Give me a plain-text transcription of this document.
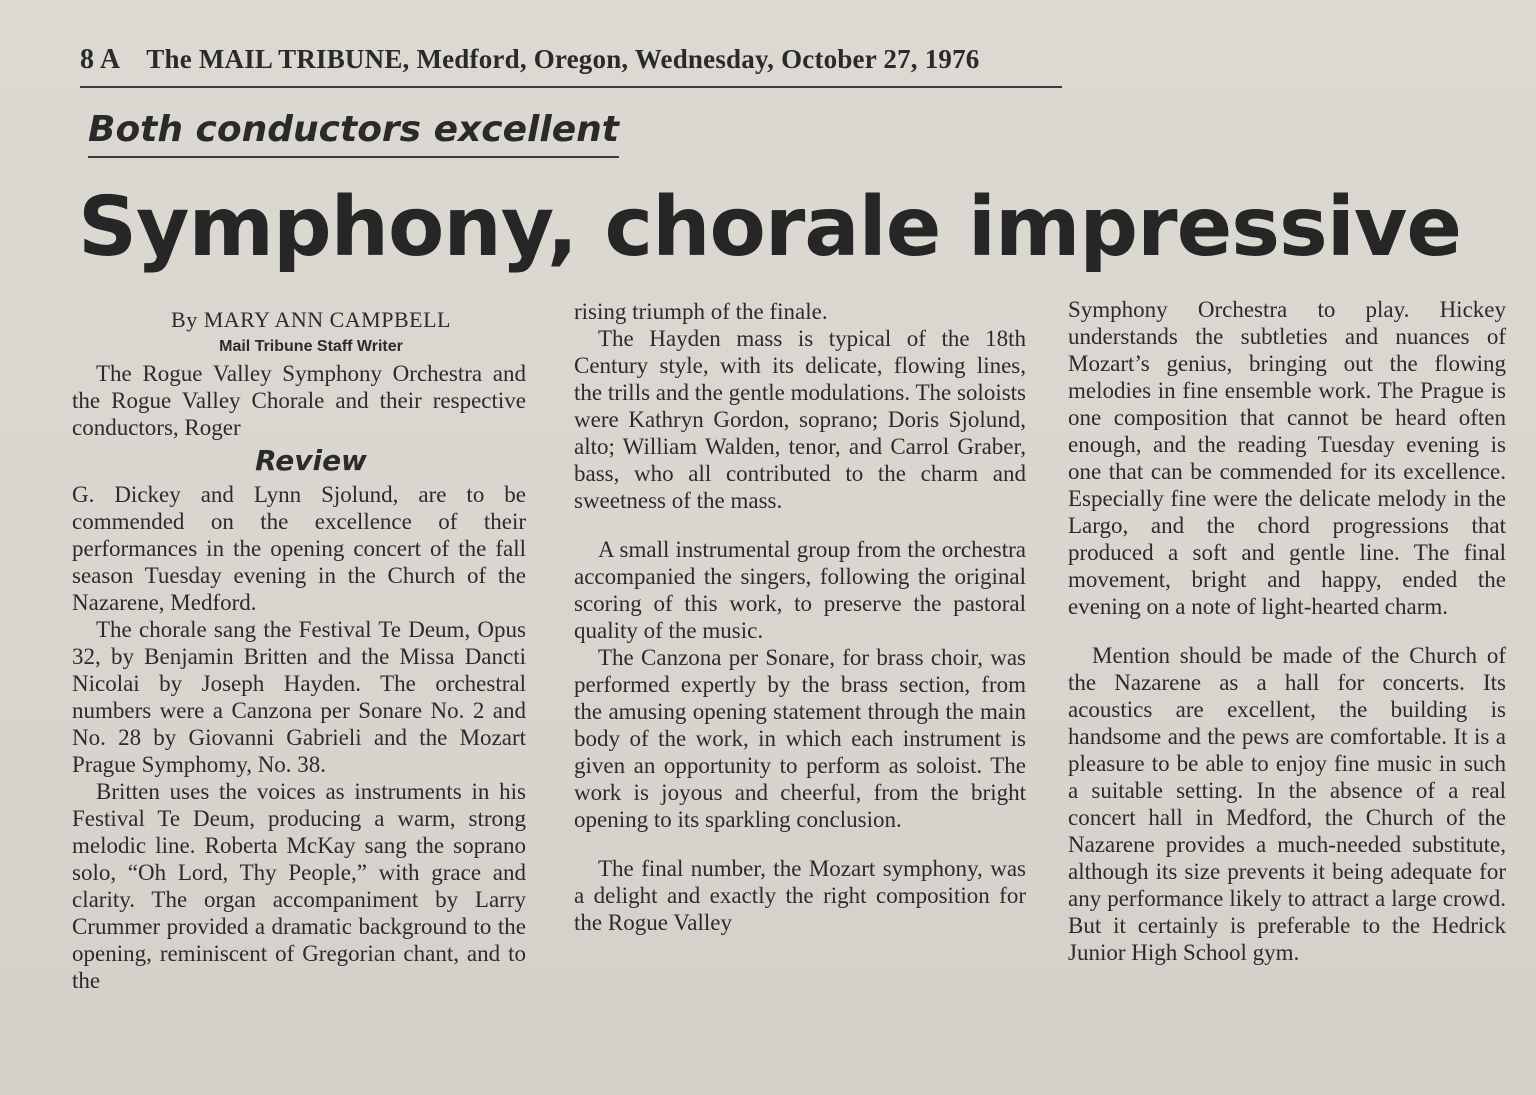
8 A The MAIL TRIBUNE, Medford, Oregon, Wednesday, October 27, 1976
Both conductors excellent
Symphony, chorale impressive

By MARY ANN CAMPBELL

Mail Tribune Staff Writer

The Rogue Valley Symphony Orchestra and the Rogue Valley Chorale and their respective conductors, Roger

Review

G. Dickey and Lynn Sjolund, are to be commended on the excellence of their performances in the opening concert of the fall season Tuesday evening in the Church of the Nazarene, Medford.

The chorale sang the Festival Te Deum, Opus 32, by Benjamin Britten and the Missa Dancti Nicolai by Joseph Hayden. The orchestral numbers were a Canzona per Sonare No. 2 and No. 28 by Giovanni Gabrieli and the Mozart Prague Symphomy, No. 38.

Britten uses the voices as instruments in his Festival Te Deum, producing a warm, strong melodic line. Roberta McKay sang the soprano solo, “Oh Lord, Thy People,” with grace and clarity. The organ accompaniment by Larry Crummer provided a dramatic background to the opening, reminiscent of Gregorian chant, and to the

rising triumph of the finale.

The Hayden mass is typical of the 18th Century style, with its delicate, flowing lines, the trills and the gentle modulations. The soloists were Kathryn Gordon, soprano; Doris Sjolund, alto; William Walden, tenor, and Carrol Graber, bass, who all contributed to the charm and sweetness of the mass.

A small instrumental group from the orchestra accompanied the singers, following the original scoring of this work, to preserve the pastoral quality of the music.

The Canzona per Sonare, for brass choir, was performed expertly by the brass section, from the amusing opening statement through the main body of the work, in which each instrument is given an opportunity to perform as soloist. The work is joyous and cheerful, from the bright opening to its sparkling conclusion.

The final number, the Mozart symphony, was a delight and exactly the right composition for the Rogue Valley

Symphony Orchestra to play. Hickey understands the subtleties and nuances of Mozart’s genius, bringing out the flowing melodies in fine ensemble work. The Prague is one composition that cannot be heard often enough, and the reading Tuesday evening is one that can be commended for its excellence. Especially fine were the delicate melody in the Largo, and the chord progressions that produced a soft and gentle line. The final movement, bright and happy, ended the evening on a note of light-hearted charm.

Mention should be made of the Church of the Nazarene as a hall for concerts. Its acoustics are excellent, the building is handsome and the pews are comfortable. It is a pleasure to be able to enjoy fine music in such a suitable setting. In the absence of a real concert hall in Medford, the Church of the Nazarene provides a much-needed substitute, although its size prevents it being adequate for any performance likely to attract a large crowd. But it certainly is preferable to the Hedrick Junior High School gym.
